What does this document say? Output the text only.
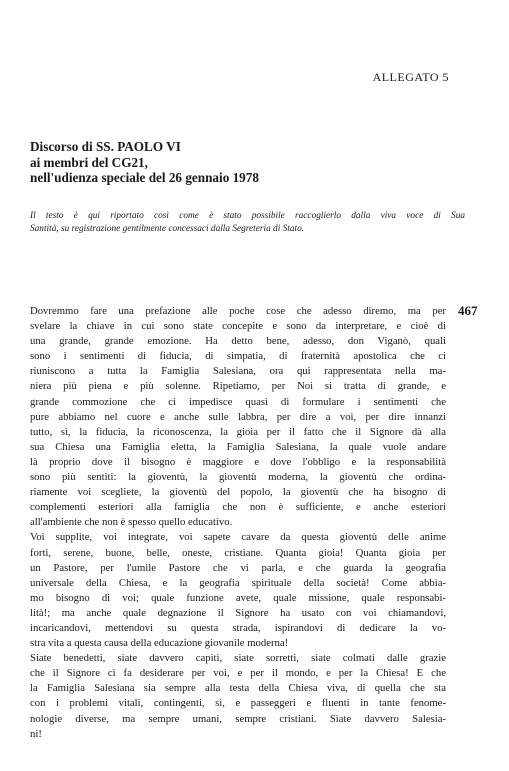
ALLEGATO 5
Discorso di SS. PAOLO VI
ai membri del CG21,
nell'udienza speciale del 26 gennaio 1978
Il testo è qui riportato così come è stato possibile raccoglierlo dalla viva voce di Sua
Santità, su registrazione gentilmente concessaci dalla Segreteria di Stato.
467

Dovremmo fare una prefazione alle poche cose che adesso diremo, ma per
svelare la chiave in cui sono state concepite e sono da interpretare, e cioè di
una grande, grande emozione. Ha detto bene, adesso, don Viganò, quali
sono i sentimenti di fiducia, di simpatia, di fraternità apostolica che ci
riuniscono a tutta la Famiglia Salesiana, ora qui rappresentata nella ma-
niera più piena e più solenne. Ripetiamo, per Noi si tratta di grande, e
grande commozione che ci impedisce quasi di formulare i sentimenti che
pure abbiamo nel cuore e anche sulle labbra, per dire a voi, per dire innanzi
tutto, sì, la fiducia, la riconoscenza, la gioia per il fatto che il Signore dà alla
sua Chiesa una Famiglia eletta, la Famiglia Salesiana, la quale vuole andare
là proprio dove il bisogno è maggiore e dove l'obbligo e la responsabilità
sono più sentiti: la gioventù, la gioventù moderna, la gioventù che ordina-
riamente voi scegliete, la gioventù del popolo, la gioventù che ha bisogno di
complementi esteriori alla famiglia che non è sufficiente, e anche esteriori
all'ambiente che non è spesso quello educativo.

Voi supplite, voi integrate, voi sapete cavare da questa gioventù delle anime
forti, serene, buone, belle, oneste, cristiane. Quanta gioia! Quanta gioia per
un Pastore, per l'umile Pastore che vi parla, e che guarda la geografia
universale della Chiesa, e la geografia spirituale della società! Come abbia-
mo bisogno di voi; quale funzione avete, quale missione, quale responsabi-
lità!; ma anche quale degnazione il Signore ha usato con voi chiamandovi,
incaricandovi, mettendovi su questa strada, ispirandovi di dedicare la vo-
stra vita a questa causa della educazione giovanile moderna!

Siate benedetti, siate davvero capiti, siate sorretti, siate colmati dalle grazie
che il Signore ci fa desiderare per voi, e per il mondo, e per la Chiesa! E che
la Famiglia Salesiana sia sempre alla testa della Chiesa viva, di quella che sta
con i problemi vitali, contingenti, sì, e passeggeri e fluenti in tante fenome-
nologie diverse, ma sempre umani, sempre cristiani. Siate davvero Salesia-
ni!
